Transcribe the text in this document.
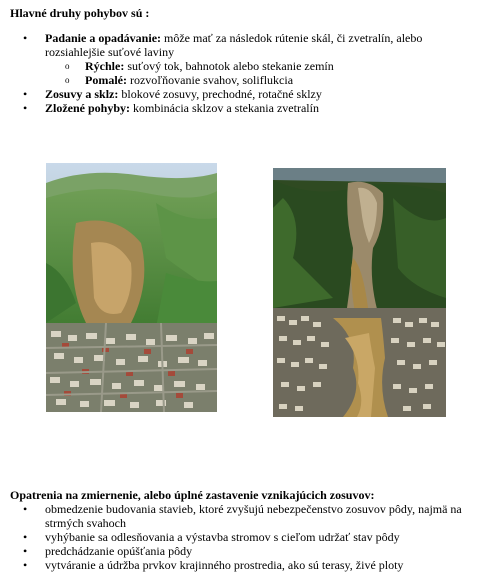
Hlavné druhy pohybov sú :
• Padanie a opadávanie: môže mať za následok rútenie skál, či zvetralín, alebo
rozsiahlejšie suťové laviny
o Rýchle: suťový tok, bahnotok alebo stekanie zemín
o Pomalé: rozvoľňovanie svahov, soliflukcia
• Zosuvy a sklz: blokové zosuvy, prechodné, rotačné sklzy
• Zložené pohyby: kombinácia sklzov a stekania zvetralín
Opatrenia na zmiernenie, alebo úplné zastavenie vznikajúcich zosuvov:
• obmedzenie budovania stavieb, ktoré zvyšujú nebezpečenstvo zosuvov pôdy, najmä na
strmých svahoch
• vyhýbanie sa odlesňovania a výstavba stromov s cieľom udržať stav pôdy
• predchádzanie opúšťania pôdy
• vytváranie a údržba prvkov krajinného prostredia, ako sú terasy, živé ploty
